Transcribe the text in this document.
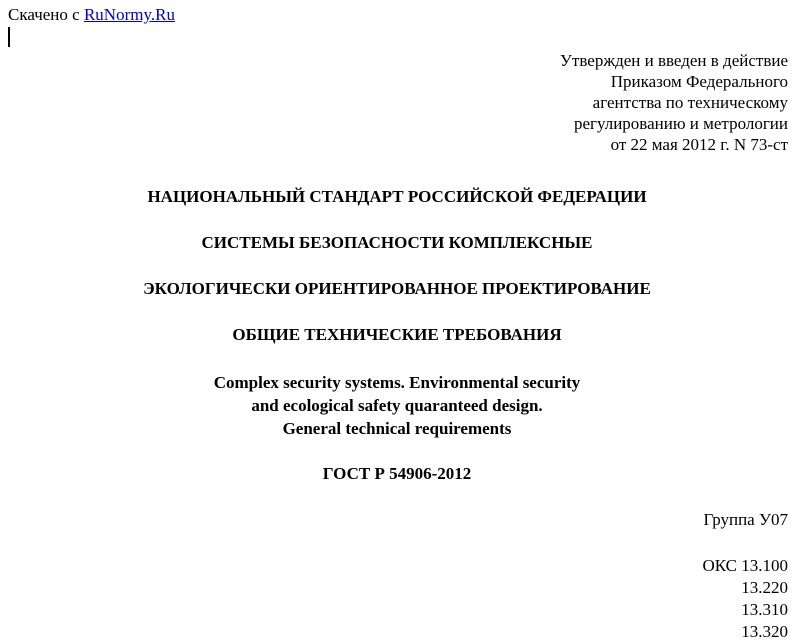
Скачено с RuNormy.Ru
Утвержден и введен в действие
Приказом Федерального
агентства по техническому
регулированию и метрологии
от 22 мая 2012 г. N 73-ст
НАЦИОНАЛЬНЫЙ СТАНДАРТ РОССИЙСКОЙ ФЕДЕРАЦИИ
СИСТЕМЫ БЕЗОПАСНОСТИ КОМПЛЕКСНЫЕ
ЭКОЛОГИЧЕСКИ ОРИЕНТИРОВАННОЕ ПРОЕКТИРОВАНИЕ
ОБЩИЕ ТЕХНИЧЕСКИЕ ТРЕБОВАНИЯ
Complex security systems. Environmental security
and ecological safety quaranteed design.
General technical requirements
ГОСТ Р 54906-2012
Группа У07
ОКС 13.100
13.220
13.310
13.320
